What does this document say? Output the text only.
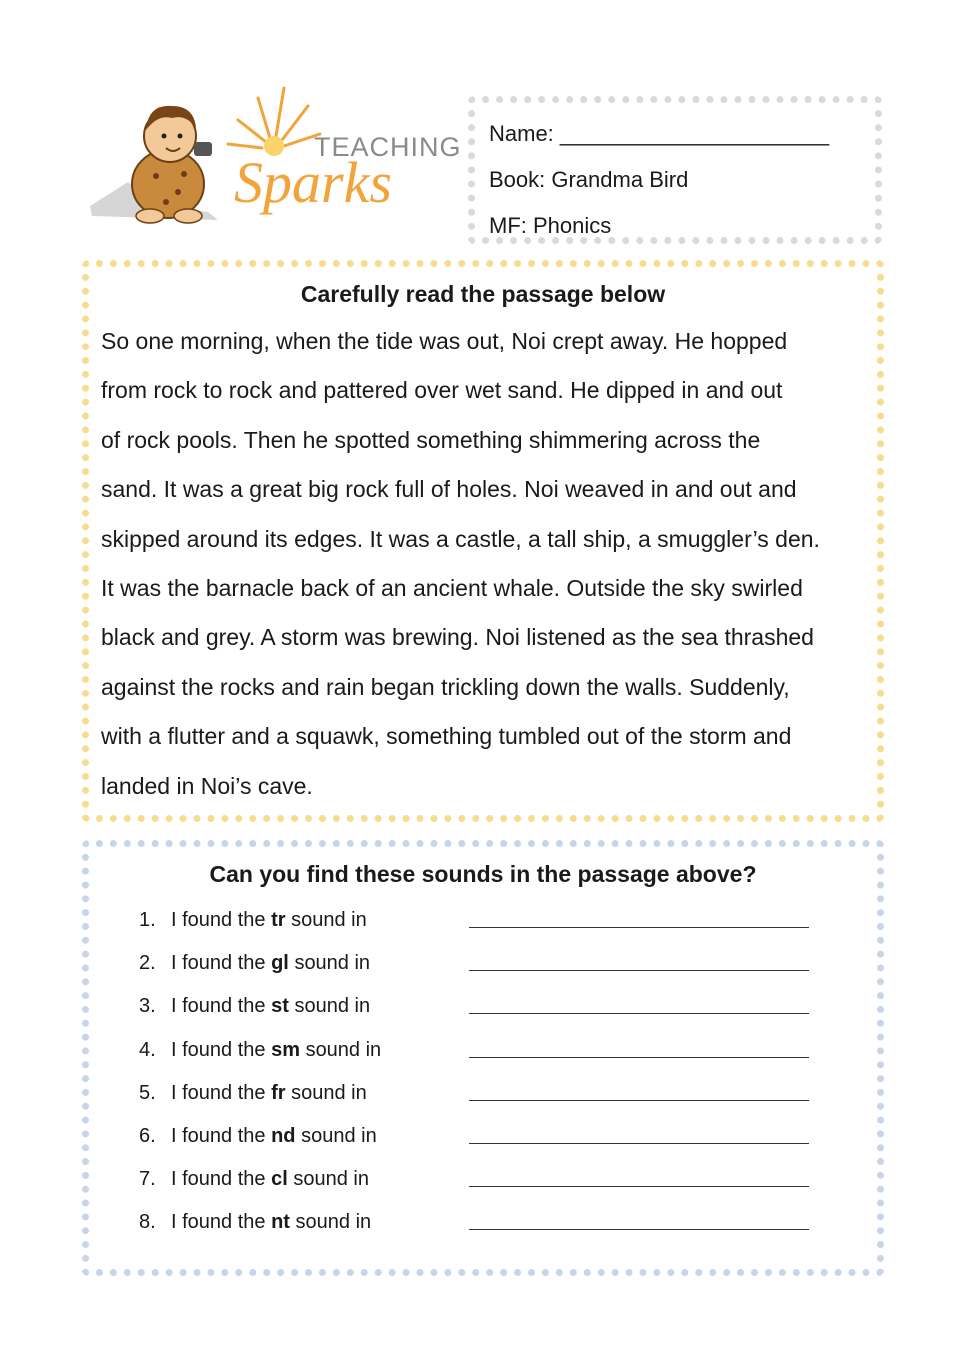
TEACHING
Sparks
Name: ______________________
Book: Grandma Bird
MF: Phonics
Carefully read the passage below
So one morning, when the tide was out, Noi crept away. He hopped
from rock to rock and pattered over wet sand. He dipped in and out
of rock pools. Then he spotted something shimmering across the
sand. It was a great big rock full of holes. Noi weaved in and out and
skipped around its edges. It was a castle, a tall ship, a smuggler’s den.
It was the barnacle back of an ancient whale. Outside the sky swirled
black and grey. A storm was brewing. Noi listened as the sea thrashed
against the rocks and rain began trickling down the walls. Suddenly,
with a flutter and a squawk, something tumbled out of the storm and
landed in Noi’s cave.
Can you find these sounds in the passage above?
1. I found the tr sound in
2. I found the gl sound in
3. I found the st sound in
4. I found the sm sound in
5. I found the fr sound in
6. I found the nd sound in
7. I found the cl sound in
8. I found the nt sound in
